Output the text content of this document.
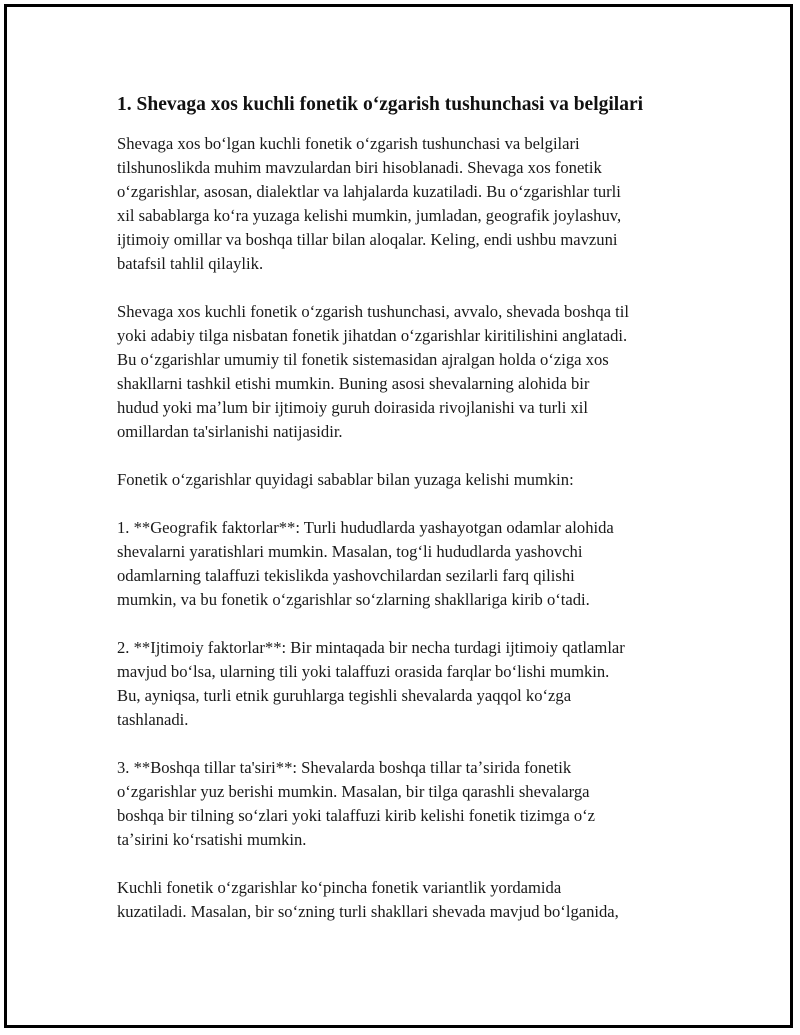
1. Shevaga xos kuchli fonetik oʻzgarish tushunchasi va belgilari

Shevaga xos boʻlgan kuchli fonetik oʻzgarish tushunchasi va belgilari
tilshunoslikda muhim mavzulardan biri hisoblanadi. Shevaga xos fonetik
oʻzgarishlar, asosan, dialektlar va lahjalarda kuzatiladi. Bu oʻzgarishlar turli
xil sabablarga koʻra yuzaga kelishi mumkin, jumladan, geografik joylashuv,
ijtimoiy omillar va boshqa tillar bilan aloqalar. Keling, endi ushbu mavzuni
batafsil tahlil qilaylik.

Shevaga xos kuchli fonetik oʻzgarish tushunchasi, avvalo, shevada boshqa til
yoki adabiy tilga nisbatan fonetik jihatdan oʻzgarishlar kiritilishini anglatadi.
Bu oʻzgarishlar umumiy til fonetik sistemasidan ajralgan holda oʻziga xos
shakllarni tashkil etishi mumkin. Buning asosi shevalarning alohida bir
hudud yoki maʼlum bir ijtimoiy guruh doirasida rivojlanishi va turli xil
omillardan ta'sirlanishi natijasidir.

Fonetik oʻzgarishlar quyidagi sabablar bilan yuzaga kelishi mumkin:

1. **Geografik faktorlar**: Turli hududlarda yashayotgan odamlar alohida
shevalarni yaratishlari mumkin. Masalan, togʻli hududlarda yashovchi
odamlarning talaffuzi tekislikda yashovchilardan sezilarli farq qilishi
mumkin, va bu fonetik oʻzgarishlar soʻzlarning shakllariga kirib oʻtadi.

2. **Ijtimoiy faktorlar**: Bir mintaqada bir necha turdagi ijtimoiy qatlamlar
mavjud boʻlsa, ularning tili yoki talaffuzi orasida farqlar boʻlishi mumkin.
Bu, ayniqsa, turli etnik guruhlarga tegishli shevalarda yaqqol koʻzga
tashlanadi.

3. **Boshqa tillar ta'siri**: Shevalarda boshqa tillar taʼsirida fonetik
oʻzgarishlar yuz berishi mumkin. Masalan, bir tilga qarashli shevalarga
boshqa bir tilning soʻzlari yoki talaffuzi kirib kelishi fonetik tizimga oʻz
taʼsirini koʻrsatishi mumkin.

Kuchli fonetik oʻzgarishlar koʻpincha fonetik variantlik yordamida
kuzatiladi. Masalan, bir soʻzning turli shakllari shevada mavjud boʻlganida,
